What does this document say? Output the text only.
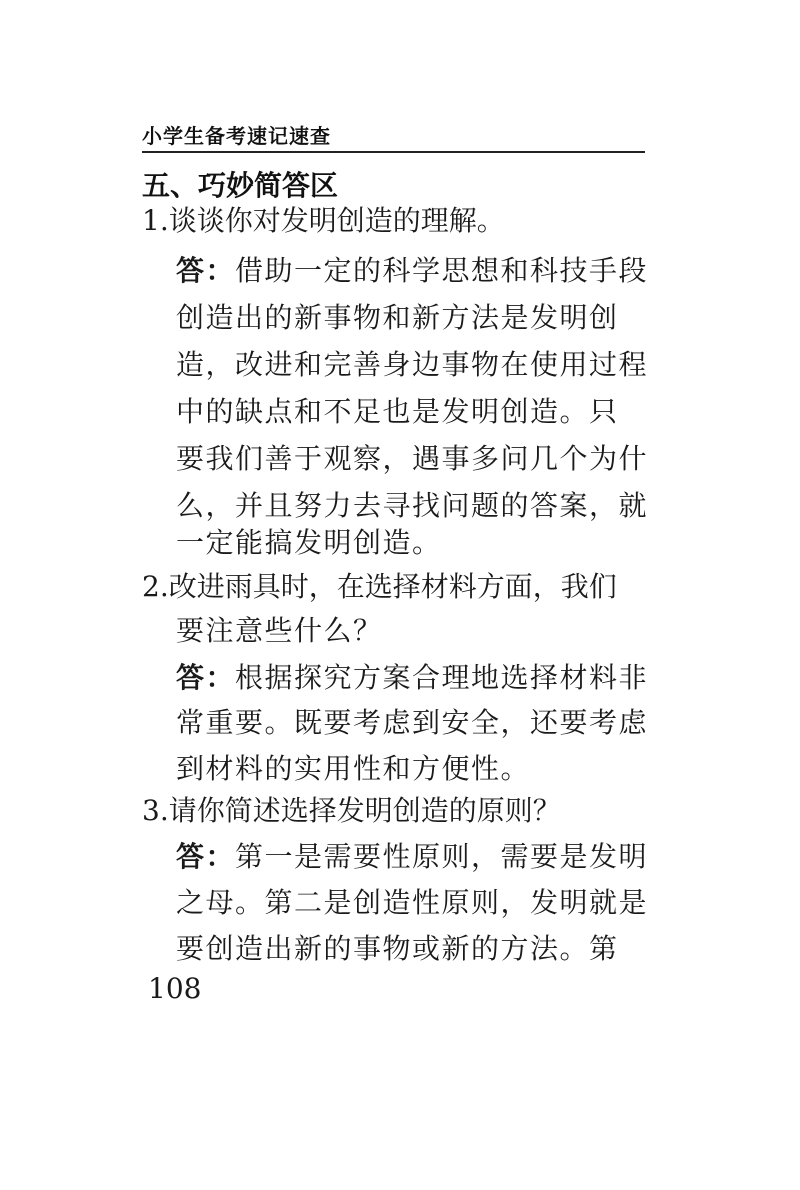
小学生备考速记速查
五、巧妙简答区
1.谈谈你对发明创造的理解。
答：借助一定的科学思想和科技手段
创造出的新事物和新方法是发明创
造，改进和完善身边事物在使用过程
中的缺点和不足也是发明创造。只
要我们善于观察，遇事多问几个为什
么，并且努力去寻找问题的答案，就
一定能搞发明创造。
2.改进雨具时，在选择材料方面，我们
要注意些什么？
答：根据探究方案合理地选择材料非
常重要。既要考虑到安全，还要考虑
到材料的实用性和方便性。
3.请你简述选择发明创造的原则？
答：第一是需要性原则，需要是发明
之母。第二是创造性原则，发明就是
要创造出新的事物或新的方法。第
108
